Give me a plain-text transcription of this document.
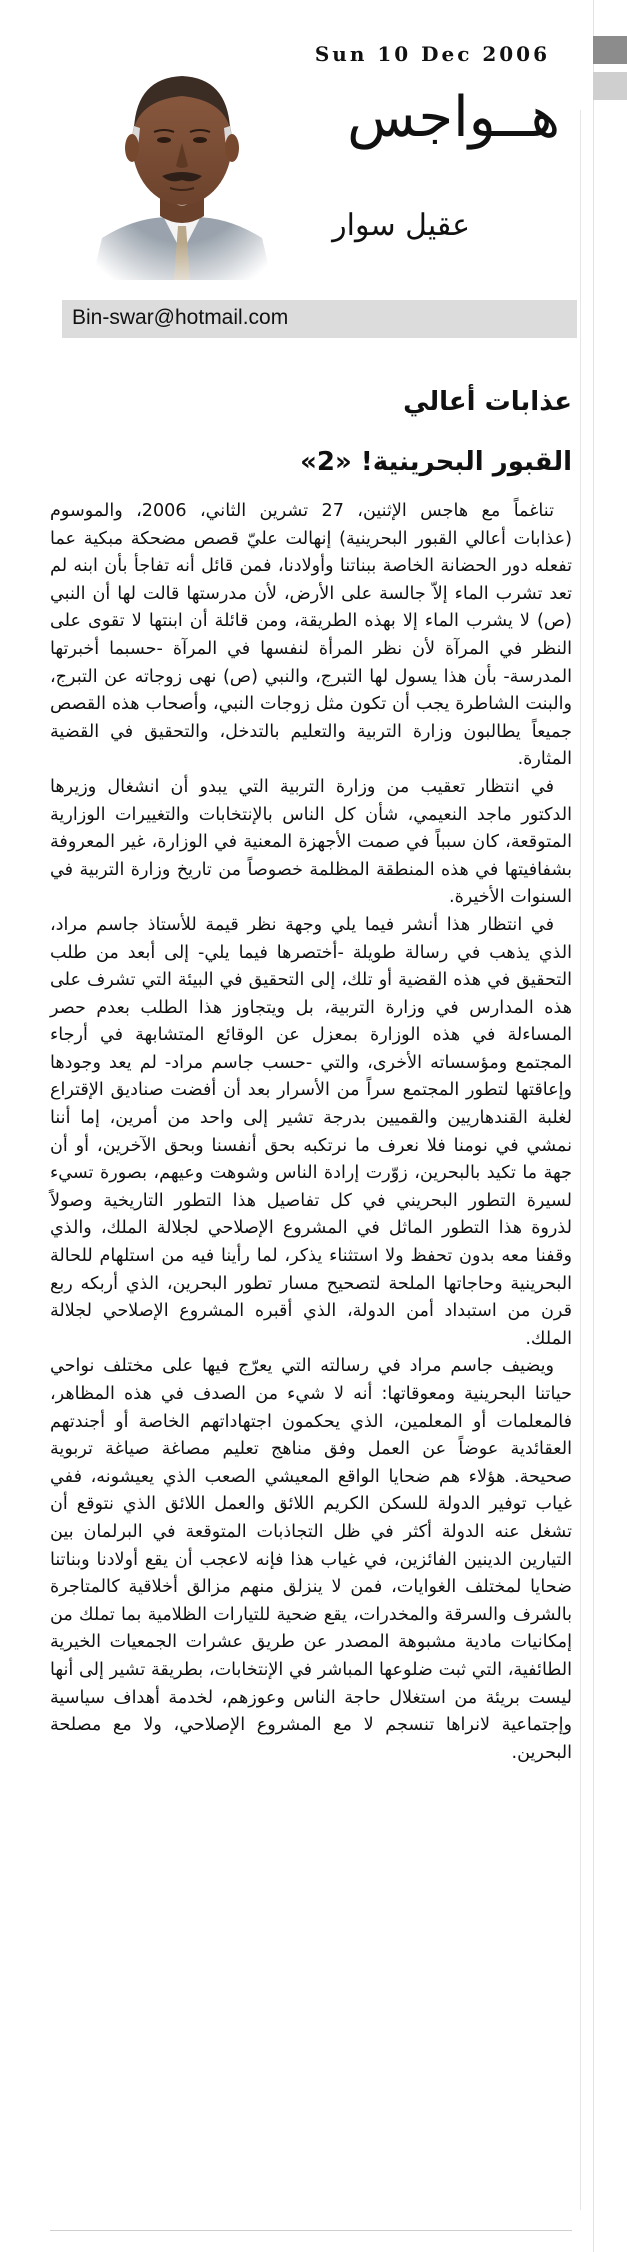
Sun 10 Dec 2006
هــواجس
عقيل سوار
Bin-swar@hotmail.com
عذابات أعالي
القبور البحرينية! «2»

تناغماً مع هاجس الإثنين، 27 تشرين الثاني، 2006، والموسوم (عذابات أعالي القبور البحرينية) إنهالت عليّ قصص مضحكة مبكية عما تفعله دور الحضانة الخاصة ببناتنا وأولادنا، فمن قائل أنه تفاجأ بأن ابنه لم تعد تشرب الماء إلاّ جالسة على الأرض، لأن مدرستها قالت لها أن النبي (ص) لا يشرب الماء إلا بهذه الطريقة، ومن قائلة أن ابنتها لا تقوى على النظر في المرآة لأن نظر المرأة لنفسها في المرآة -حسبما أخبرتها المدرسة- بأن هذا يسول لها التبرج، والنبي (ص) نهى زوجاته عن التبرج، والبنت الشاطرة يجب أن تكون مثل زوجات النبي، وأصحاب هذه القصص جميعاً يطالبون وزارة التربية والتعليم بالتدخل، والتحقيق في القضية المثارة.

في انتظار تعقيب من وزارة التربية التي يبدو أن انشغال وزيرها الدكتور ماجد النعيمي، شأن كل الناس بالإنتخابات والتغييرات الوزارية المتوقعة، كان سبباً في صمت الأجهزة المعنية في الوزارة، غير المعروفة بشفافيتها في هذه المنطقة المظلمة خصوصاً من تاريخ وزارة التربية في السنوات الأخيرة.

في انتظار هذا أنشر فيما يلي وجهة نظر قيمة للأستاذ جاسم مراد، الذي يذهب في رسالة طويلة -أختصرها فيما يلي- إلى أبعد من طلب التحقيق في هذه القضية أو تلك، إلى التحقيق في البيئة التي تشرف على هذه المدارس في وزارة التربية، بل ويتجاوز هذا الطلب بعدم حصر المساءلة في هذه الوزارة بمعزل عن الوقائع المتشابهة في أرجاء المجتمع ومؤسساته الأخرى، والتي -حسب جاسم مراد- لم يعد وجودها وإعاقتها لتطور المجتمع سراً من الأسرار بعد أن أفضت صناديق الإقتراع لغلبة القندهاريين والقميين بدرجة تشير إلى واحد من أمرين، إما أننا نمشي في نومنا فلا نعرف ما نرتكبه بحق أنفسنا وبحق الآخرين، أو أن جهة ما تكيد بالبحرين، زوّرت إرادة الناس وشوهت وعيهم، بصورة تسيء لسيرة التطور البحريني في كل تفاصيل هذا التطور التاريخية وصولاً لذروة هذا التطور الماثل في المشروع الإصلاحي لجلالة الملك، والذي وقفنا معه بدون تحفظ ولا استثناء يذكر، لما رأينا فيه من استلهام للحالة البحرينية وحاجاتها الملحة لتصحيح مسار تطور البحرين، الذي أربكه ربع قرن من استبداد أمن الدولة، الذي أقبره المشروع الإصلاحي لجلالة الملك.

ويضيف جاسم مراد في رسالته التي يعرّج فيها على مختلف نواحي حياتنا البحرينية ومعوقاتها: أنه لا شيء من الصدف في هذه المظاهر، فالمعلمات أو المعلمين، الذي يحكمون اجتهاداتهم الخاصة أو أجندتهم العقائدية عوضاً عن العمل وفق مناهج تعليم مصاغة صياغة تربوية صحيحة. هؤلاء هم ضحايا الواقع المعيشي الصعب الذي يعيشونه، ففي غياب توفير الدولة للسكن الكريم اللائق والعمل اللائق الذي نتوقع أن تشغل عنه الدولة أكثر في ظل التجاذبات المتوقعة في البرلمان بين التيارين الدينين الفائزين، في غياب هذا فإنه لاعجب أن يقع أولادنا وبناتنا ضحايا لمختلف الغوايات، فمن لا ينزلق منهم مزالق أخلاقية كالمتاجرة بالشرف والسرقة والمخدرات، يقع ضحية للتيارات الظلامية بما تملك من إمكانيات مادية مشبوهة المصدر عن طريق عشرات الجمعيات الخيرية الطائفية، التي ثبت ضلوعها المباشر في الإنتخابات، بطريقة تشير إلى أنها ليست بريئة من استغلال حاجة الناس وعوزهم، لخدمة أهداف سياسية وإجتماعية لانراها تنسجم لا مع المشروع الإصلاحي، ولا مع مصلحة البحرين.
